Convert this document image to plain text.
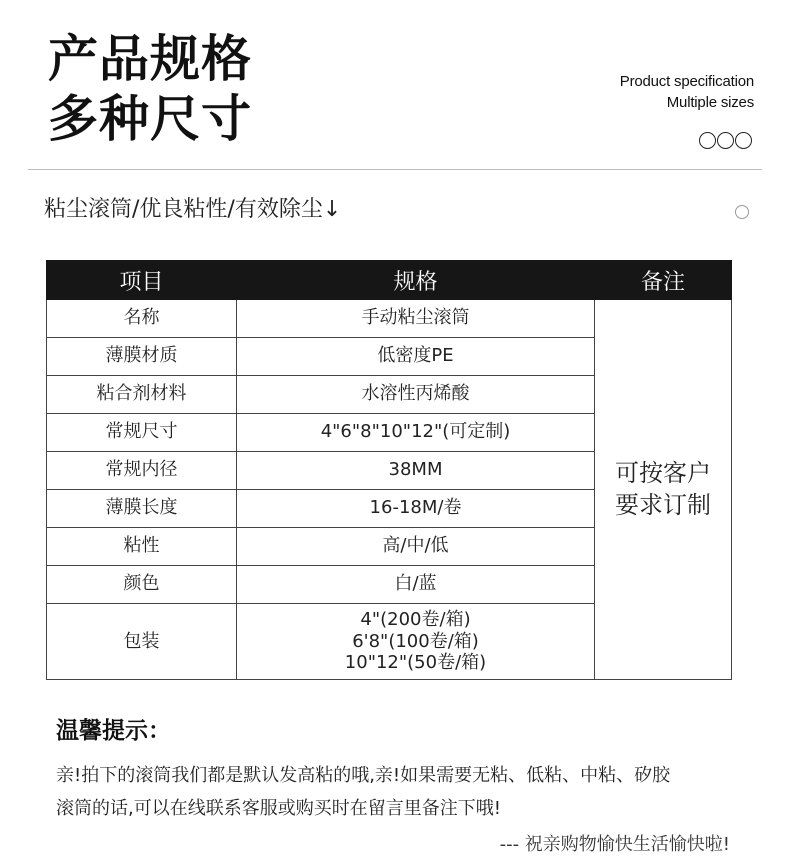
产品规格
多种尺寸
Product specification
Multiple sizes
粘尘滚筒/优良粘性/有效除尘↓
项目	规格	备注
名称	手动粘尘滚筒	可按客户
要求订制
薄膜材质	低密度PE	
粘合剂材料	水溶性丙烯酸	
常规尺寸	4"6"8"10"12"(可定制)	
常规内径	38MM	
薄膜长度	16-18M/卷	
粘性	高/中/低	
颜色	白/蓝	
包装	4"(200卷/箱)
6'8"(100卷/箱)
10"12"(50卷/箱)	
温馨提示：
亲!拍下的滚筒我们都是默认发高粘的哦,亲!如果需要无粘、低粘、中粘、矽胶
滚筒的话,可以在线联系客服或购买时在留言里备注下哦!
--- 祝亲购物愉快生活愉快啦!
